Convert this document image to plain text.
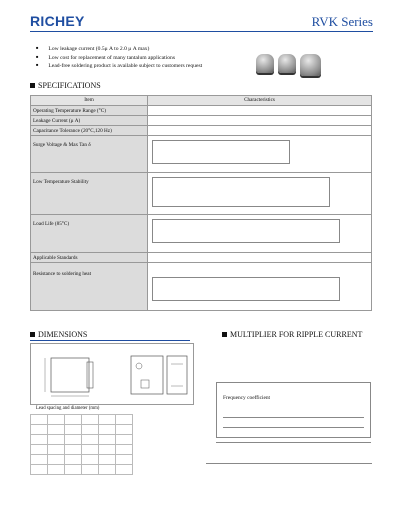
RICHEY	RVK Series
■ Low leakage current (0.5μ A to 2.0 μ A max)
■ Low cost for replacement of many tantalum applications
■ Lead-free soldering product is available subject to customers request
SPECIFICATIONS
Item	Characteristics
Operating Temperature Range (°C)	
Leakage Current (μ A)	
Capacitance Tolerance (20°C,120 Hz)	
Surge Voltage & Max Tan δ	

Low Temperature Stability	

Load Life (85°C)	

Applicable Standards	
Resistance to soldering heat	
DIMENSIONS	MULTIPLIER FOR RIPPLE CURRENT
Lead spacing and diameter (mm)

Frequency coefficient
